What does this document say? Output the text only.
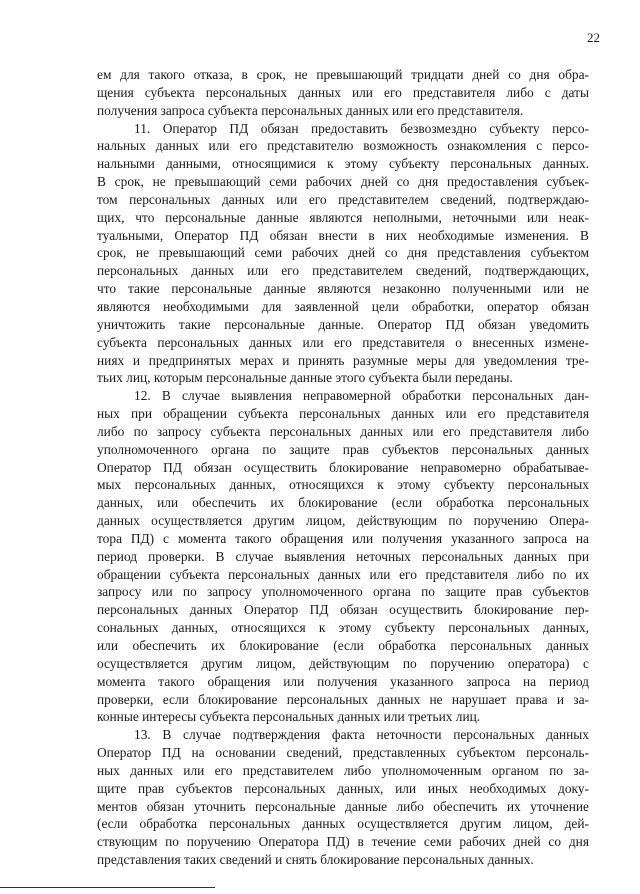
22
ем для такого отказа, в срок, не превышающий тридцати дней со дня обра-
щения субъекта персональных данных или его представителя либо с даты
получения запроса субъекта персональных данных или его представителя.
11. Оператор ПД обязан предоставить безвозмездно субъекту персо-
нальных данных или его представителю возможность ознакомления с персо-
нальными данными, относящимися к этому субъекту персональных данных.
В срок, не превышающий семи рабочих дней со дня предоставления субъек-
том персональных данных или его представителем сведений, подтверждаю-
щих, что персональные данные являются неполными, неточными или неак-
туальными, Оператор ПД обязан внести в них необходимые изменения. В
срок, не превышающий семи рабочих дней со дня представления субъектом
персональных данных или его представителем сведений, подтверждающих,
что такие персональные данные являются незаконно полученными или не
являются необходимыми для заявленной цели обработки, оператор обязан
уничтожить такие персональные данные. Оператор ПД обязан уведомить
субъекта персональных данных или его представителя о внесенных измене-
ниях и предпринятых мерах и принять разумные меры для уведомления тре-
тьих лиц, которым персональные данные этого субъекта были переданы.
12. В случае выявления неправомерной обработки персональных дан-
ных при обращении субъекта персональных данных или его представителя
либо по запросу субъекта персональных данных или его представителя либо
уполномоченного органа по защите прав субъектов персональных данных
Оператор ПД обязан осуществить блокирование неправомерно обрабатывае-
мых персональных данных, относящихся к этому субъекту персональных
данных, или обеспечить их блокирование (если обработка персональных
данных осуществляется другим лицом, действующим по поручению Опера-
тора ПД) с момента такого обращения или получения указанного запроса на
период проверки. В случае выявления неточных персональных данных при
обращении субъекта персональных данных или его представителя либо по их
запросу или по запросу уполномоченного органа по защите прав субъектов
персональных данных Оператор ПД обязан осуществить блокирование пер-
сональных данных, относящихся к этому субъекту персональных данных,
или обеспечить их блокирование (если обработка персональных данных
осуществляется другим лицом, действующим по поручению оператора) с
момента такого обращения или получения указанного запроса на период
проверки, если блокирование персональных данных не нарушает права и за-
конные интересы субъекта персональных данных или третьих лиц.
13. В случае подтверждения факта неточности персональных данных
Оператор ПД на основании сведений, представленных субъектом персональ-
ных данных или его представителем либо уполномоченным органом по за-
щите прав субъектов персональных данных, или иных необходимых доку-
ментов обязан уточнить персональные данные либо обеспечить их уточнение
(если обработка персональных данных осуществляется другим лицом, дей-
ствующим по поручению Оператора ПД) в течение семи рабочих дней со дня
представления таких сведений и снять блокирование персональных данных.
